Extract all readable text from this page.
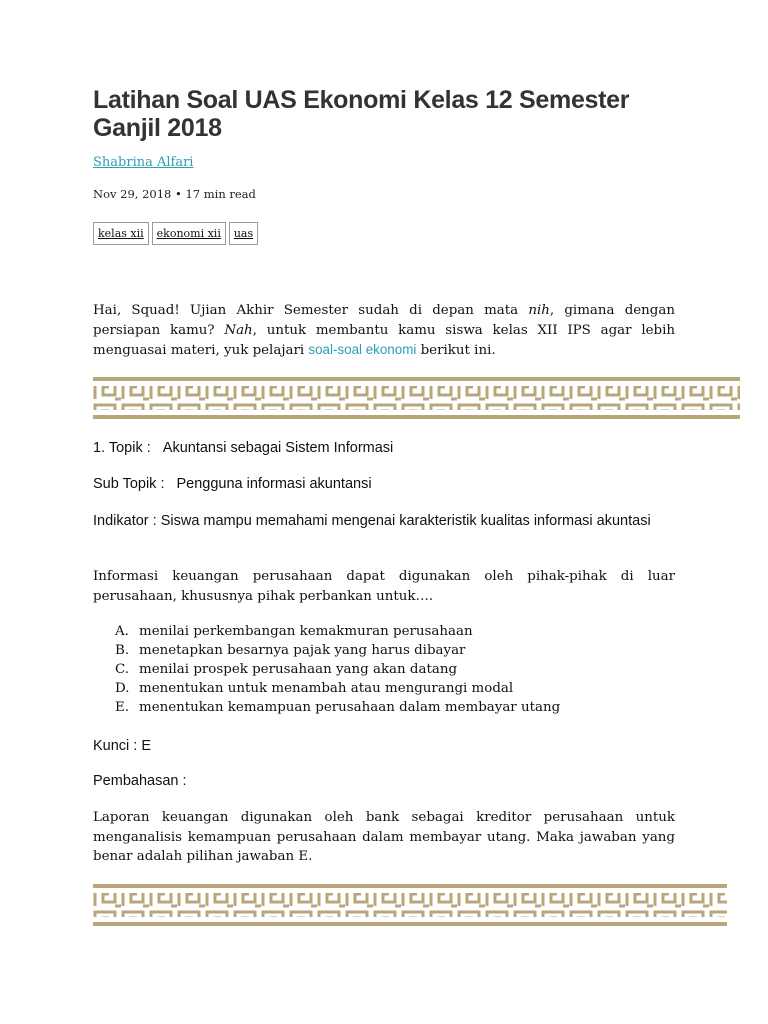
Latihan Soal UAS Ekonomi Kelas 12 Semester Ganjil 2018
Shabrina Alfari
Nov 29, 2018 • 17 min read
kelas xii ekonomi xii uas

Hai, Squad! Ujian Akhir Semester sudah di depan mata nih, gimana dengan persiapan kamu? Nah, untuk membantu kamu siswa kelas XII IPS agar lebih menguasai materi, yuk pelajari soal-soal ekonomi berikut ini.

1. Topik : Akuntansi sebagai Sistem Informasi

Sub Topik : Pengguna informasi akuntansi

Indikator : Siswa mampu memahami mengenai karakteristik kualitas informasi akuntasi

Informasi keuangan perusahaan dapat digunakan oleh pihak-pihak di luar perusahaan, khususnya pihak perbankan untuk….

A. menilai perkembangan kemakmuran perusahaan
B. menetapkan besarnya pajak yang harus dibayar
C. menilai prospek perusahaan yang akan datang
D. menentukan untuk menambah atau mengurangi modal
E. menentukan kemampuan perusahaan dalam membayar utang

Kunci : E

Pembahasan :

Laporan keuangan digunakan oleh bank sebagai kreditor perusahaan untuk menganalisis kemampuan perusahaan dalam membayar utang. Maka jawaban yang benar adalah pilihan jawaban E.
